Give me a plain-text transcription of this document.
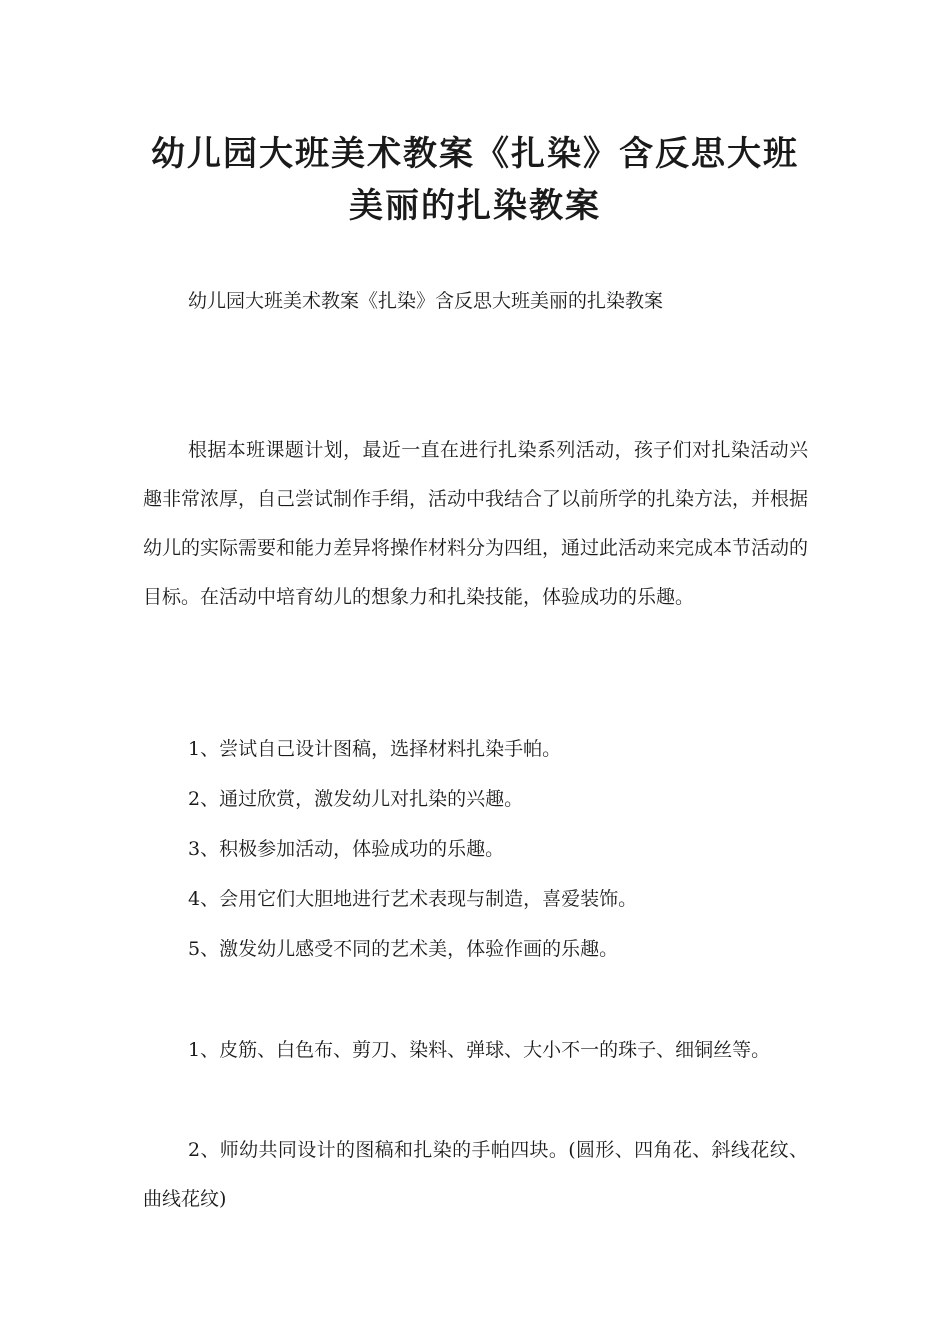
幼儿园大班美术教案《扎染》含反思大班美丽的扎染教案

幼儿园大班美术教案《扎染》含反思大班美丽的扎染教案

根据本班课题计划，最近一直在进行扎染系列活动，孩子们对扎染活动兴趣非常浓厚，自己尝试制作手绢，活动中我结合了以前所学的扎染方法，并根据幼儿的实际需要和能力差异将操作材料分为四组，通过此活动来完成本节活动的目标。在活动中培育幼儿的想象力和扎染技能，体验成功的乐趣。

1、尝试自己设计图稿，选择材料扎染手帕。

2、通过欣赏，激发幼儿对扎染的兴趣。

3、积极参加活动，体验成功的乐趣。

4、会用它们大胆地进行艺术表现与制造，喜爱装饰。

5、激发幼儿感受不同的艺术美，体验作画的乐趣。

1、皮筋、白色布、剪刀、染料、弹球、大小不一的珠子、细铜丝等。

2、师幼共同设计的图稿和扎染的手帕四块。(圆形、四角花、斜线花纹、曲线花纹)
